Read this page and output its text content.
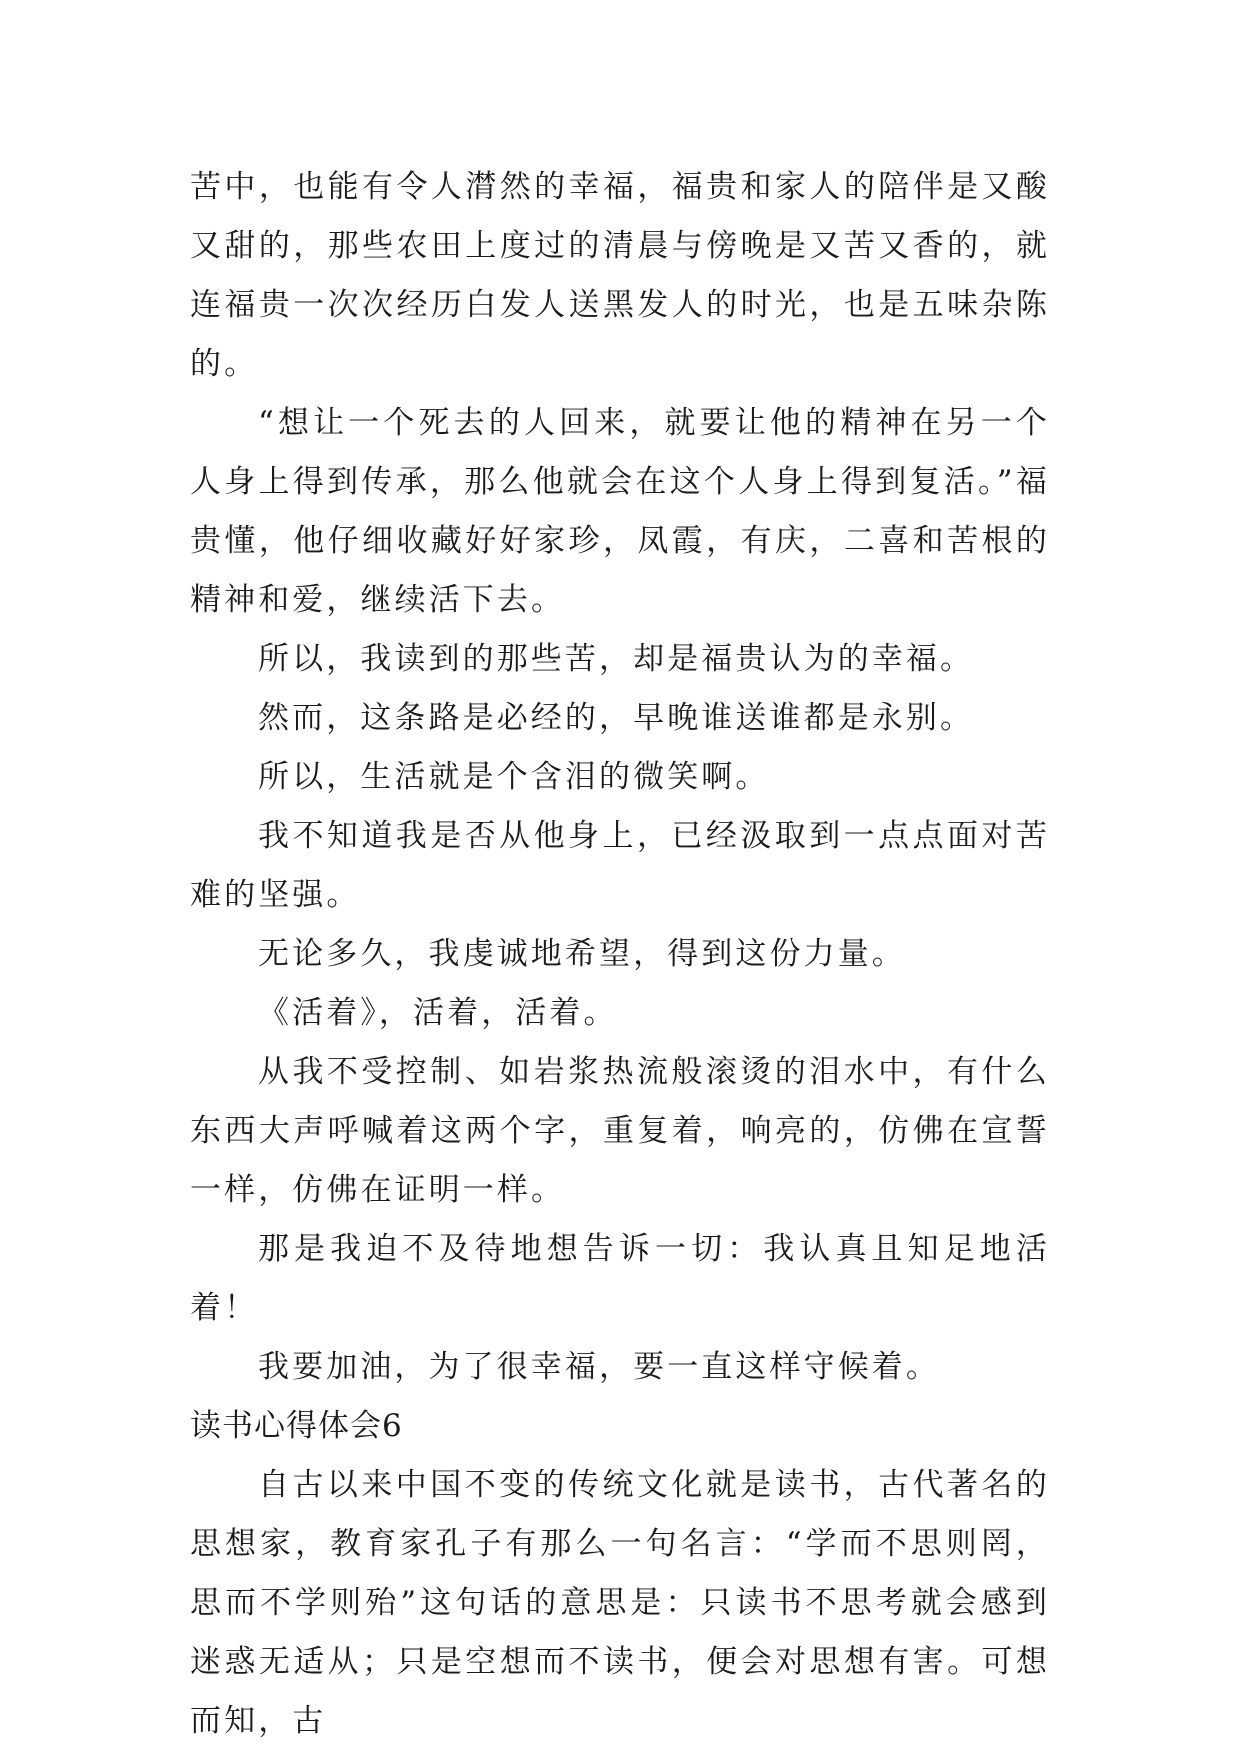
苦中，也能有令人潸然的幸福，福贵和家人的陪伴是又酸又甜的，那些农田上度过的清晨与傍晚是又苦又香的，就连福贵一次次经历白发人送黑发人的时光，也是五味杂陈的。

“想让一个死去的人回来，就要让他的精神在另一个人身上得到传承，那么他就会在这个人身上得到复活。”福贵懂，他仔细收藏好好家珍，凤霞，有庆，二喜和苦根的精神和爱，继续活下去。

所以，我读到的那些苦，却是福贵认为的幸福。

然而，这条路是必经的，早晚谁送谁都是永别。

所以，生活就是个含泪的微笑啊。

我不知道我是否从他身上，已经汲取到一点点面对苦难的坚强。

无论多久，我虔诚地希望，得到这份力量。

《活着》，活着，活着。

从我不受控制、如岩浆热流般滚烫的泪水中，有什么东西大声呼喊着这两个字，重复着，响亮的，仿佛在宣誓一样，仿佛在证明一样。

那是我迫不及待地想告诉一切：我认真且知足地活着！

我要加油，为了很幸福，要一直这样守候着。

读书心得体会6

自古以来中国不变的传统文化就是读书，古代著名的思想家，教育家孔子有那么一句名言：“学而不思则罔，思而不学则殆”这句话的意思是：只读书不思考就会感到迷惑无适从；只是空想而不读书，便会对思想有害。可想而知，古
